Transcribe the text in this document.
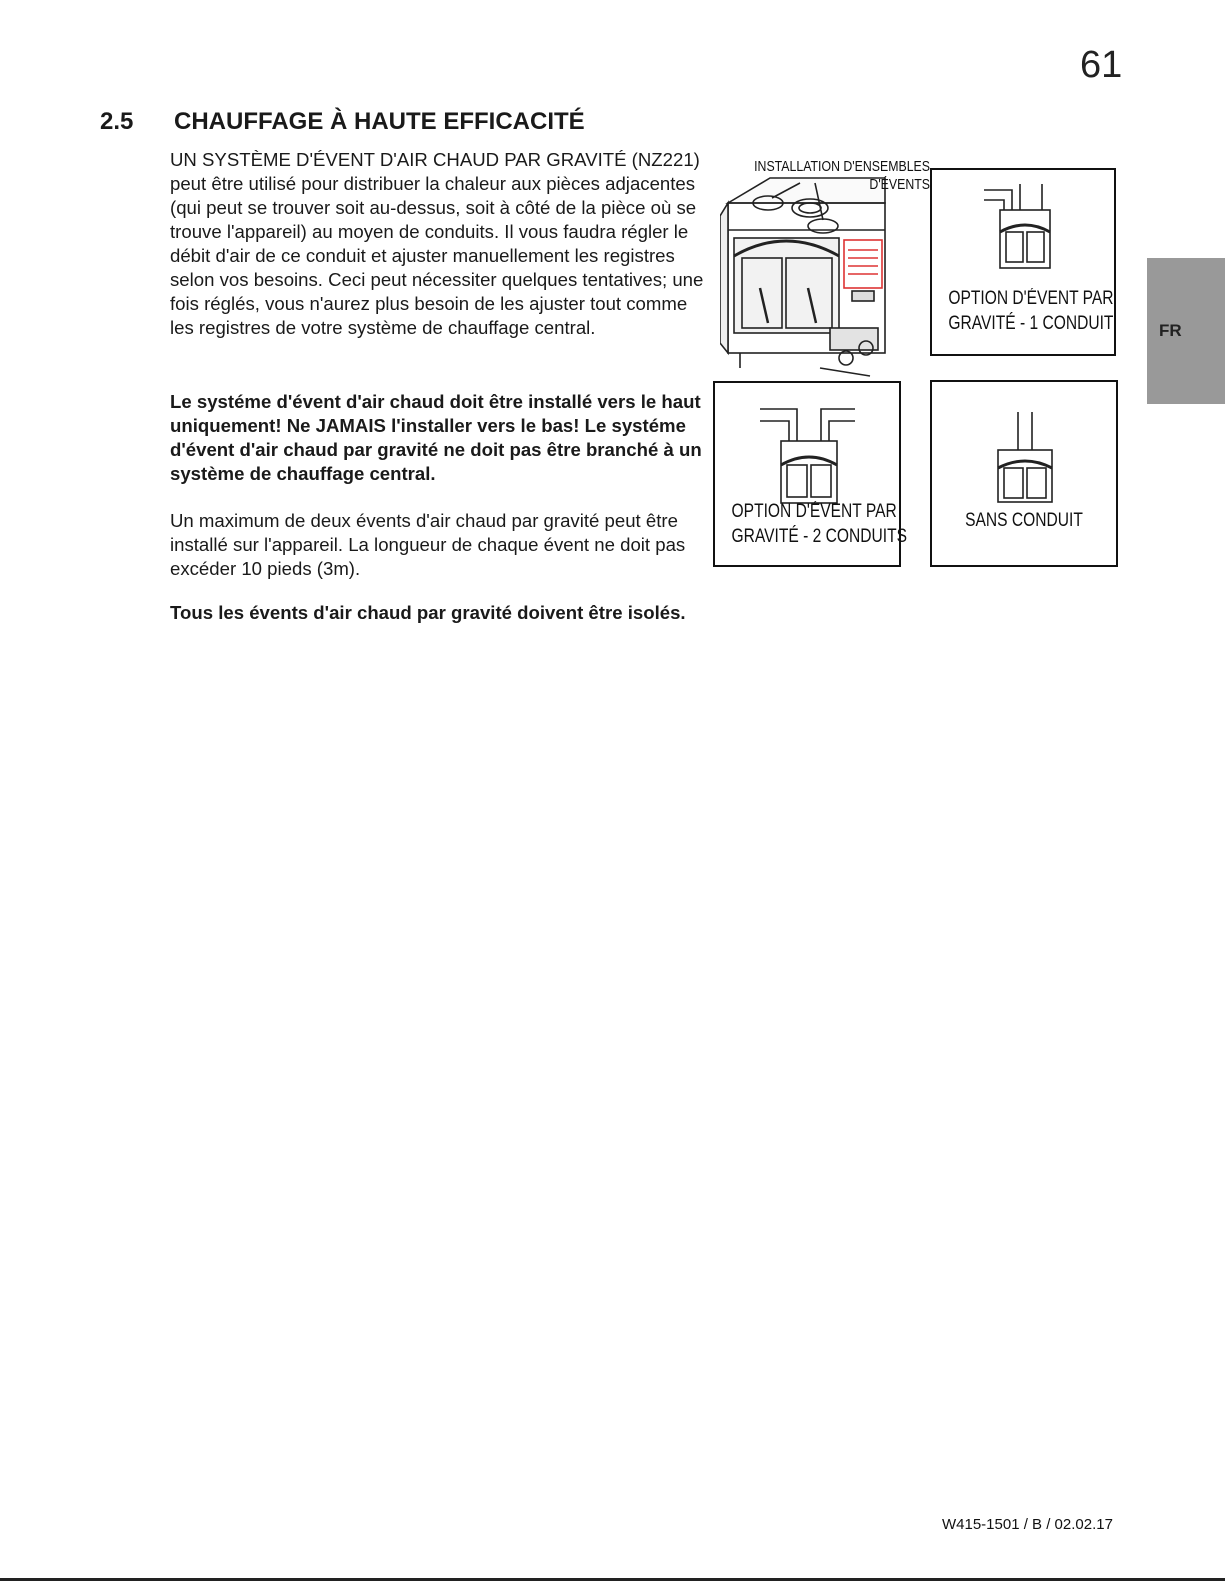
61
2.5 CHAUFFAGE À HAUTE EFFICACITÉ
UN SYSTÈME D'ÉVENT D'AIR CHAUD PAR GRAVITÉ (NZ221) peut être utilisé pour distribuer la chaleur aux pièces adjacentes (qui peut se trouver soit au-dessus, soit à côté de la pièce où se trouve l'appareil) au moyen de conduits. Il vous faudra régler le débit d'air de ce conduit et ajuster manuellement les registres selon vos besoins. Ceci peut nécessiter quelques tentatives; une fois réglés, vous n'aurez plus besoin de les ajuster tout comme les registres de votre système de chauffage central.
Le systéme d'évent d'air chaud doit être installé vers le haut uniquement! Ne JAMAIS l'installer vers le bas! Le systéme d'évent d'air chaud par gravité ne doit pas être branché à un système de chauffage central.
Un maximum de deux évents d'air chaud par gravité peut être installé sur l'appareil. La longueur de chaque évent ne doit pas excéder 10 pieds (3m).
Tous les évents d'air chaud par gravité doivent être isolés.
INSTALLATION D'ENSEMBLES
D'ÉVENTS
OPTION D'ÉVENT PAR
GRAVITÉ - 1 CONDUIT
OPTION D'ÉVENT PAR
GRAVITÉ - 2 CONDUITS
SANS CONDUIT
FR
W415-1501 / B / 02.02.17
